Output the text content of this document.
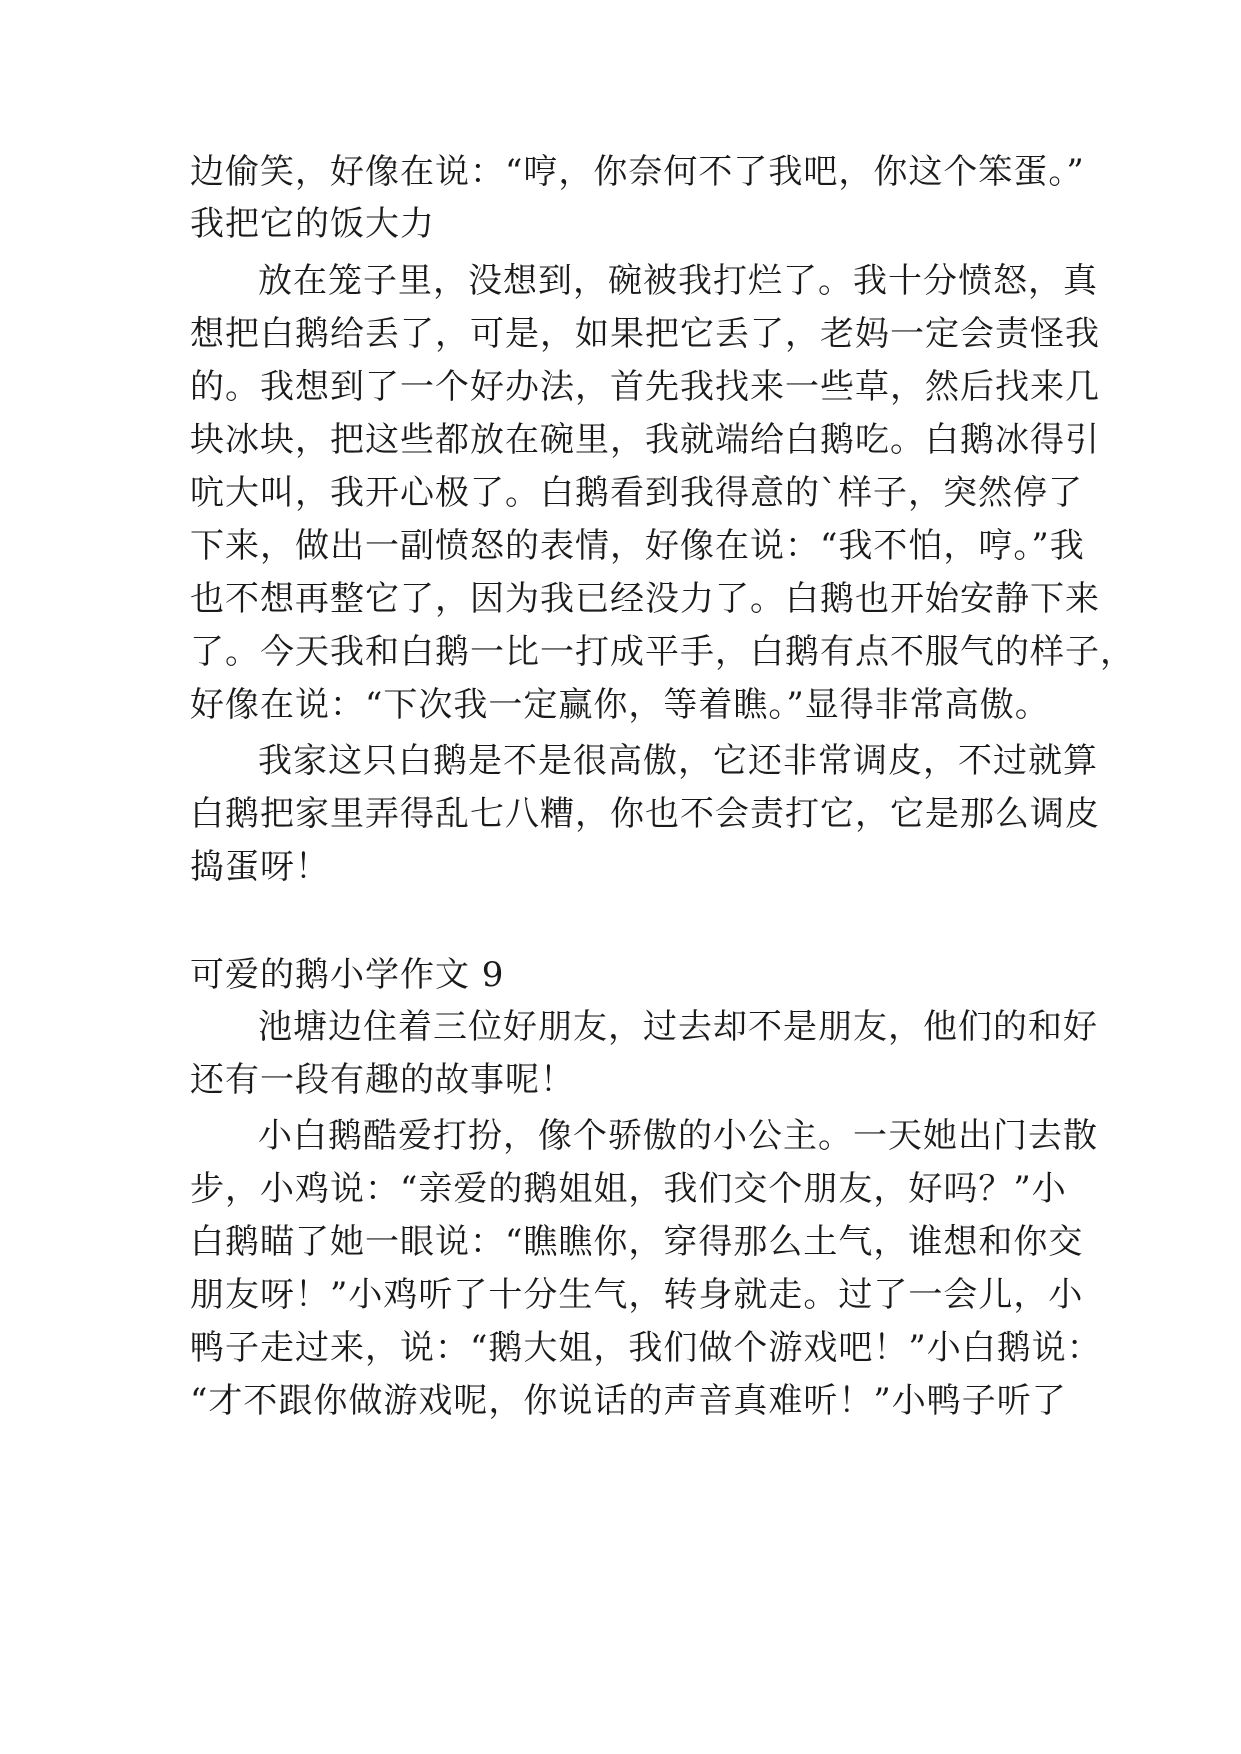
边偷笑，好像在说：“哼，你奈何不了我吧，你这个笨蛋。”
我把它的饭大力
放在笼子里，没想到，碗被我打烂了。我十分愤怒，真
想把白鹅给丢了，可是，如果把它丢了，老妈一定会责怪我
的。我想到了一个好办法，首先我找来一些草，然后找来几
块冰块，把这些都放在碗里，我就端给白鹅吃。白鹅冰得引
吭大叫，我开心极了。白鹅看到我得意的`样子，突然停了
下来，做出一副愤怒的表情，好像在说：“我不怕，哼。”我
也不想再整它了，因为我已经没力了。白鹅也开始安静下来
了。今天我和白鹅一比一打成平手，白鹅有点不服气的样子，
好像在说：“下次我一定赢你，等着瞧。”显得非常高傲。
我家这只白鹅是不是很高傲，它还非常调皮，不过就算
白鹅把家里弄得乱七八糟，你也不会责打它，它是那么调皮
捣蛋呀！
可爱的鹅小学作文 9
池塘边住着三位好朋友，过去却不是朋友，他们的和好
还有一段有趣的故事呢！
小白鹅酷爱打扮，像个骄傲的小公主。一天她出门去散
步，小鸡说：“亲爱的鹅姐姐，我们交个朋友，好吗？”小
白鹅瞄了她一眼说：“瞧瞧你，穿得那么土气，谁想和你交
朋友呀！”小鸡听了十分生气，转身就走。过了一会儿，小
鸭子走过来，说：“鹅大姐，我们做个游戏吧！”小白鹅说：
“才不跟你做游戏呢，你说话的声音真难听！”小鸭子听了
